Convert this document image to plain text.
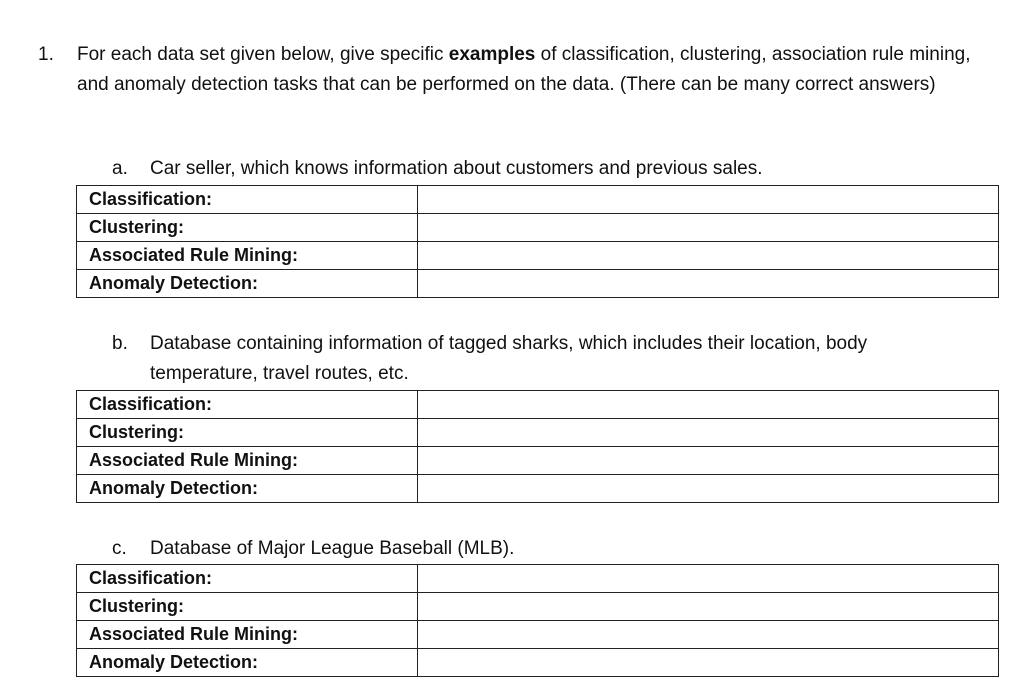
1. For each data set given below, give specific examples of classification, clustering, association rule mining, and anomaly detection tasks that can be performed on the data. (There can be many correct answers)
a. Car seller, which knows information about customers and previous sales.
Classification:	
Clustering:	
Associated Rule Mining:	
Anomaly Detection:	
b. Database containing information of tagged sharks, which includes their location, body temperature, travel routes, etc.
Classification:	
Clustering:	
Associated Rule Mining:	
Anomaly Detection:	
c. Database of Major League Baseball (MLB).
Classification:	
Clustering:	
Associated Rule Mining:	
Anomaly Detection:	
